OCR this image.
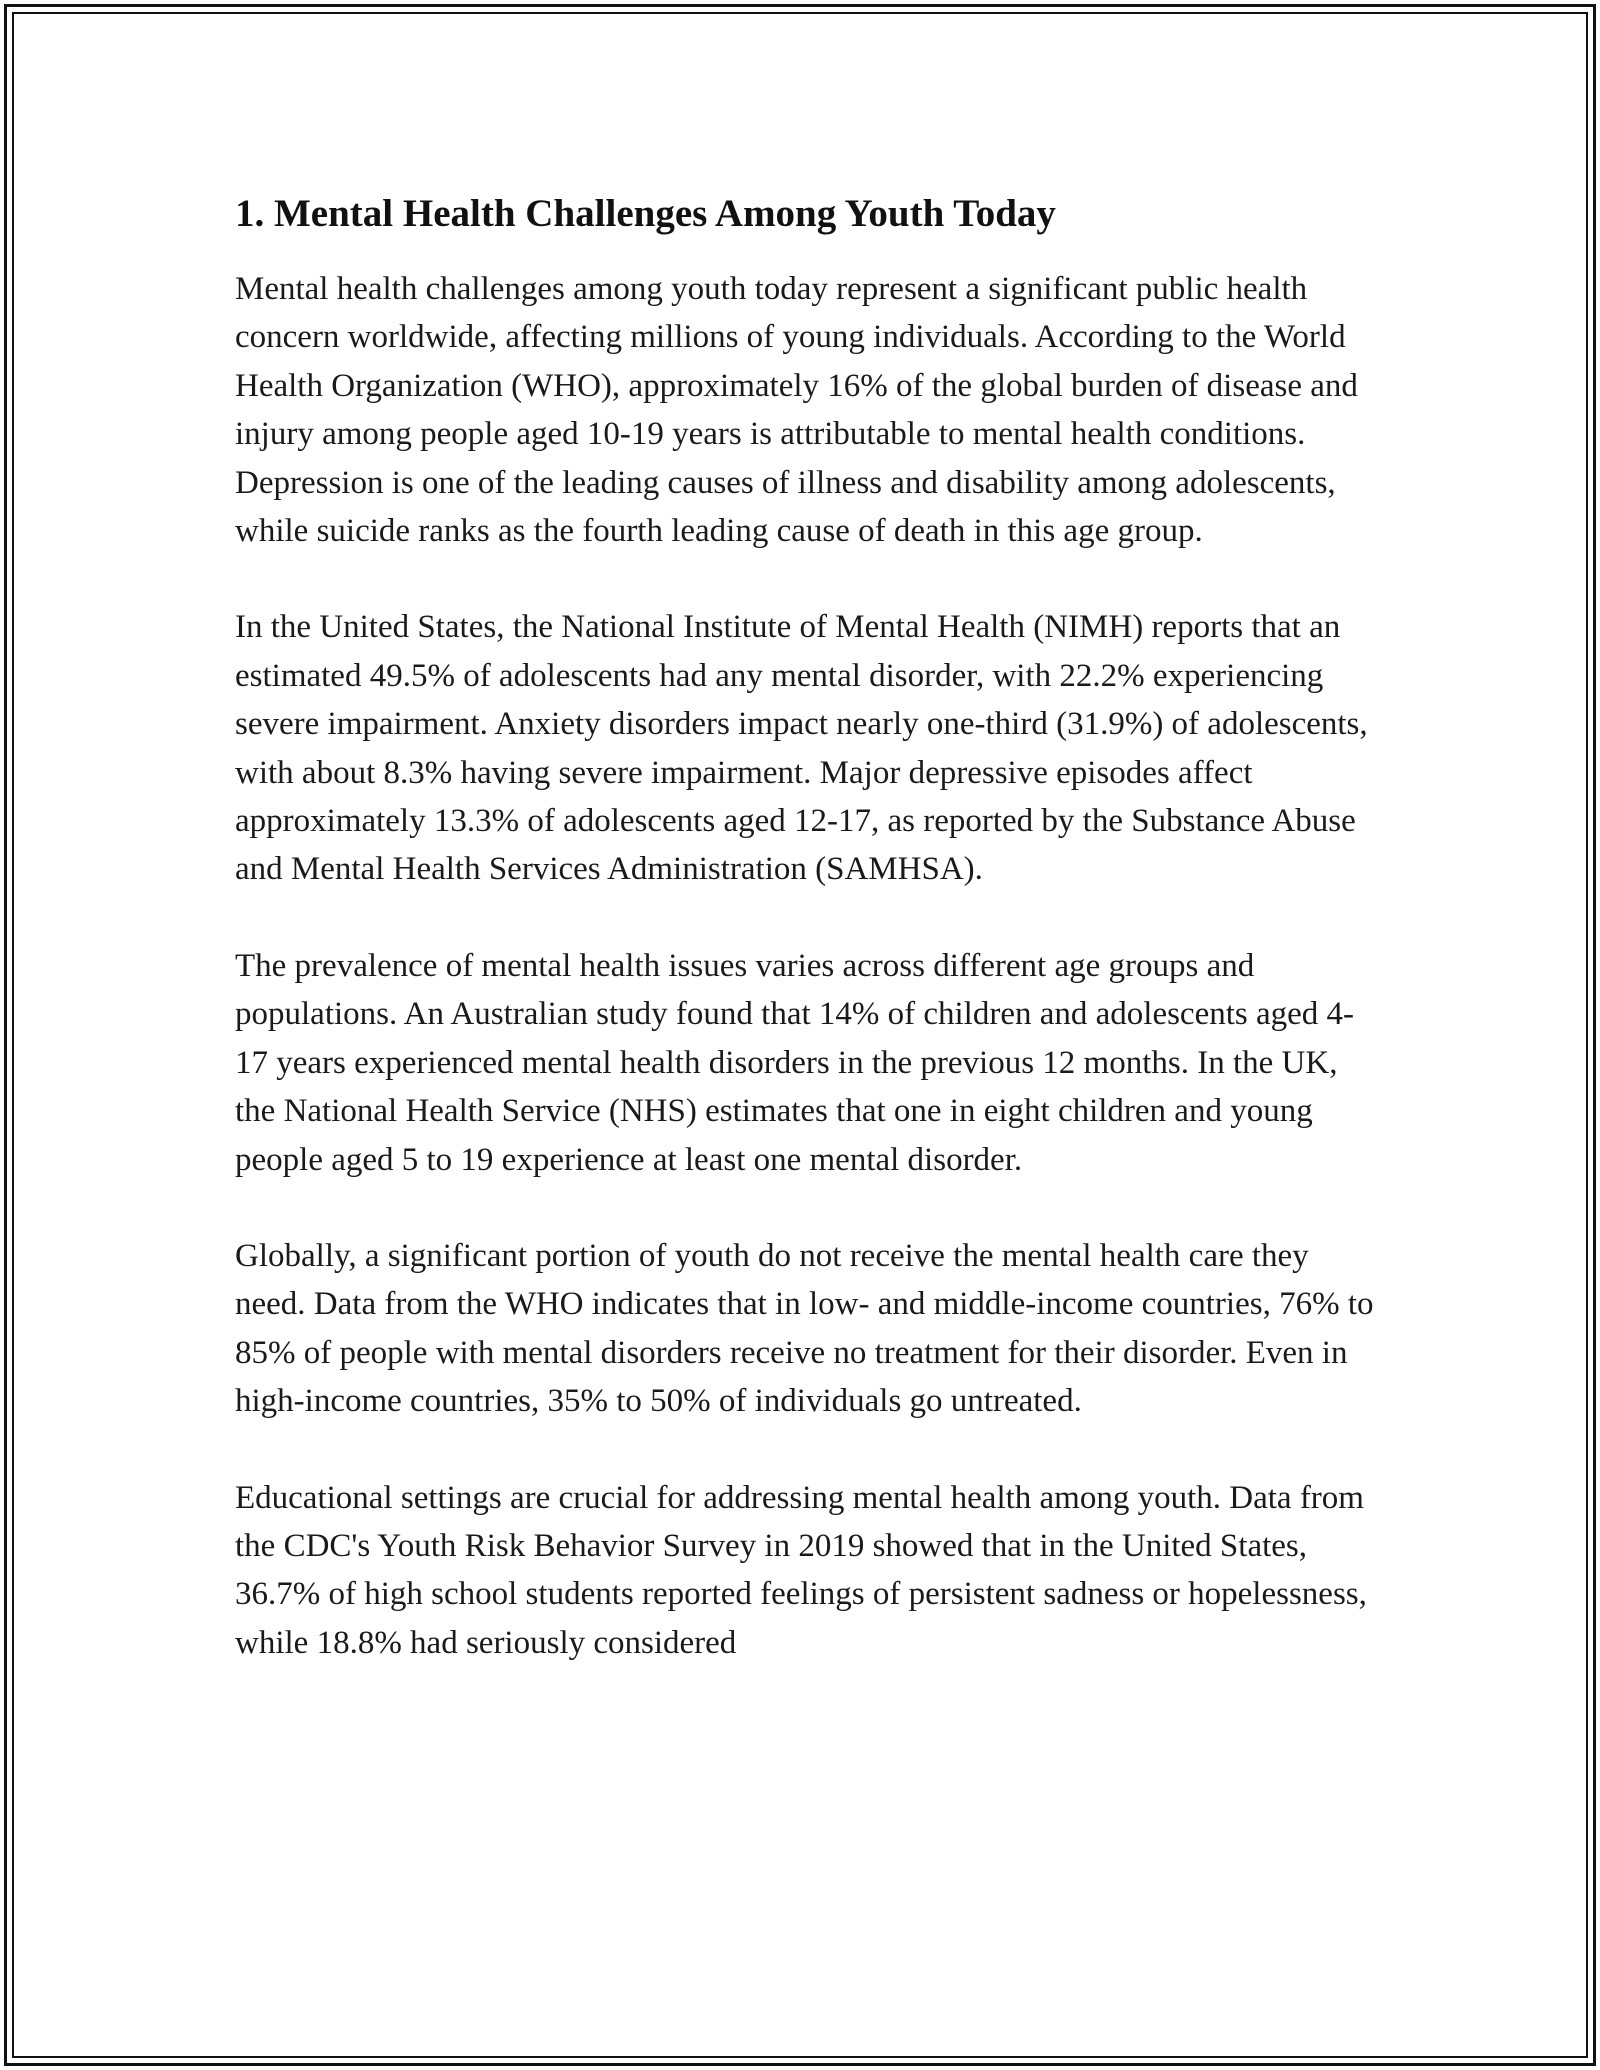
1. Mental Health Challenges Among Youth Today

Mental health challenges among youth today represent a significant public health concern worldwide, affecting millions of young individuals. According to the World Health Organization (WHO), approximately 16% of the global burden of disease and injury among people aged 10-19 years is attributable to mental health conditions. Depression is one of the leading causes of illness and disability among adolescents, while suicide ranks as the fourth leading cause of death in this age group.

In the United States, the National Institute of Mental Health (NIMH) reports that an estimated 49.5% of adolescents had any mental disorder, with 22.2% experiencing severe impairment. Anxiety disorders impact nearly one-third (31.9%) of adolescents, with about 8.3% having severe impairment. Major depressive episodes affect approximately 13.3% of adolescents aged 12-17, as reported by the Substance Abuse and Mental Health Services Administration (SAMHSA).

The prevalence of mental health issues varies across different age groups and populations. An Australian study found that 14% of children and adolescents aged 4-17 years experienced mental health disorders in the previous 12 months. In the UK, the National Health Service (NHS) estimates that one in eight children and young people aged 5 to 19 experience at least one mental disorder.

Globally, a significant portion of youth do not receive the mental health care they need. Data from the WHO indicates that in low- and middle-income countries, 76% to 85% of people with mental disorders receive no treatment for their disorder. Even in high-income countries, 35% to 50% of individuals go untreated.

Educational settings are crucial for addressing mental health among youth. Data from the CDC's Youth Risk Behavior Survey in 2019 showed that in the United States, 36.7% of high school students reported feelings of persistent sadness or hopelessness, while 18.8% had seriously considered
